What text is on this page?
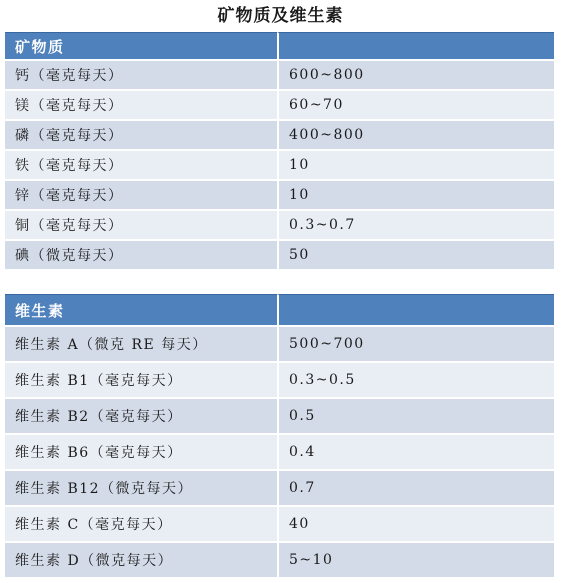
矿物质及维生素
矿物质	
钙（毫克每天）	600~800
镁（毫克每天）	60~70
磷（毫克每天）	400~800
铁（毫克每天）	10
锌（毫克每天）	10
铜（毫克每天）	0.3~0.7
碘（微克每天）	50
维生素	
维生素 A（微克 RE 每天）	500~700
维生素 B1（毫克每天）	0.3~0.5
维生素 B2（毫克每天）	0.5
维生素 B6（毫克每天）	0.4
维生素 B12（微克每天）	0.7
维生素 C（毫克每天）	40
维生素 D（微克每天）	5~10
